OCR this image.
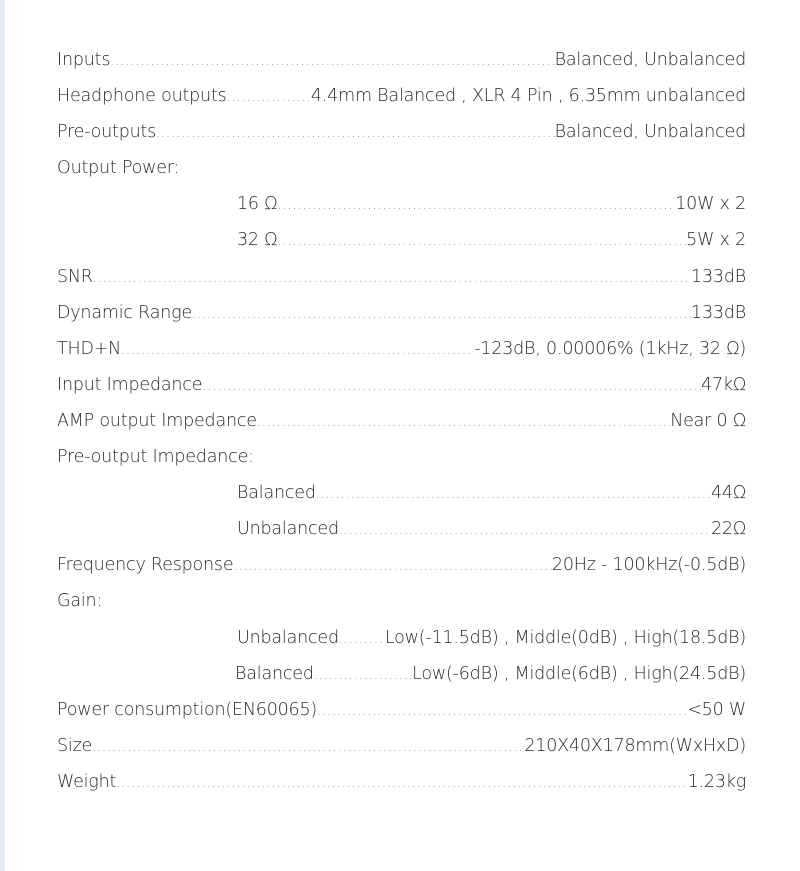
Inputs .....	Balanced, Unbalanced
Headphone outputs .....	4.4mm Balanced , XLR 4 Pin , 6.35mm unbalanced
Pre-outputs .....	Balanced, Unbalanced
Output Power:
16 Ω .....	10W x 2
32 Ω .....	5W x 2
SNR .....	133dB
Dynamic Range .....	133dB
THD+N .....	-123dB, 0.00006% (1kHz, 32 Ω)
Input Impedance .....	47kΩ
AMP output Impedance .....	Near 0 Ω
Pre-output Impedance:
Balanced .....	44Ω
Unbalanced .....	22Ω
Frequency Response .....	20Hz - 100kHz(-0.5dB)
Gain:
Unbalanced .....	Low(-11.5dB) , Middle(0dB) , High(18.5dB)
Balanced .....	Low(-6dB) , Middle(6dB) , High(24.5dB)
Power consumption(EN60065) .....	<50 W
Size .....	210X40X178mm(WxHxD)
Weight .....	1.23kg
